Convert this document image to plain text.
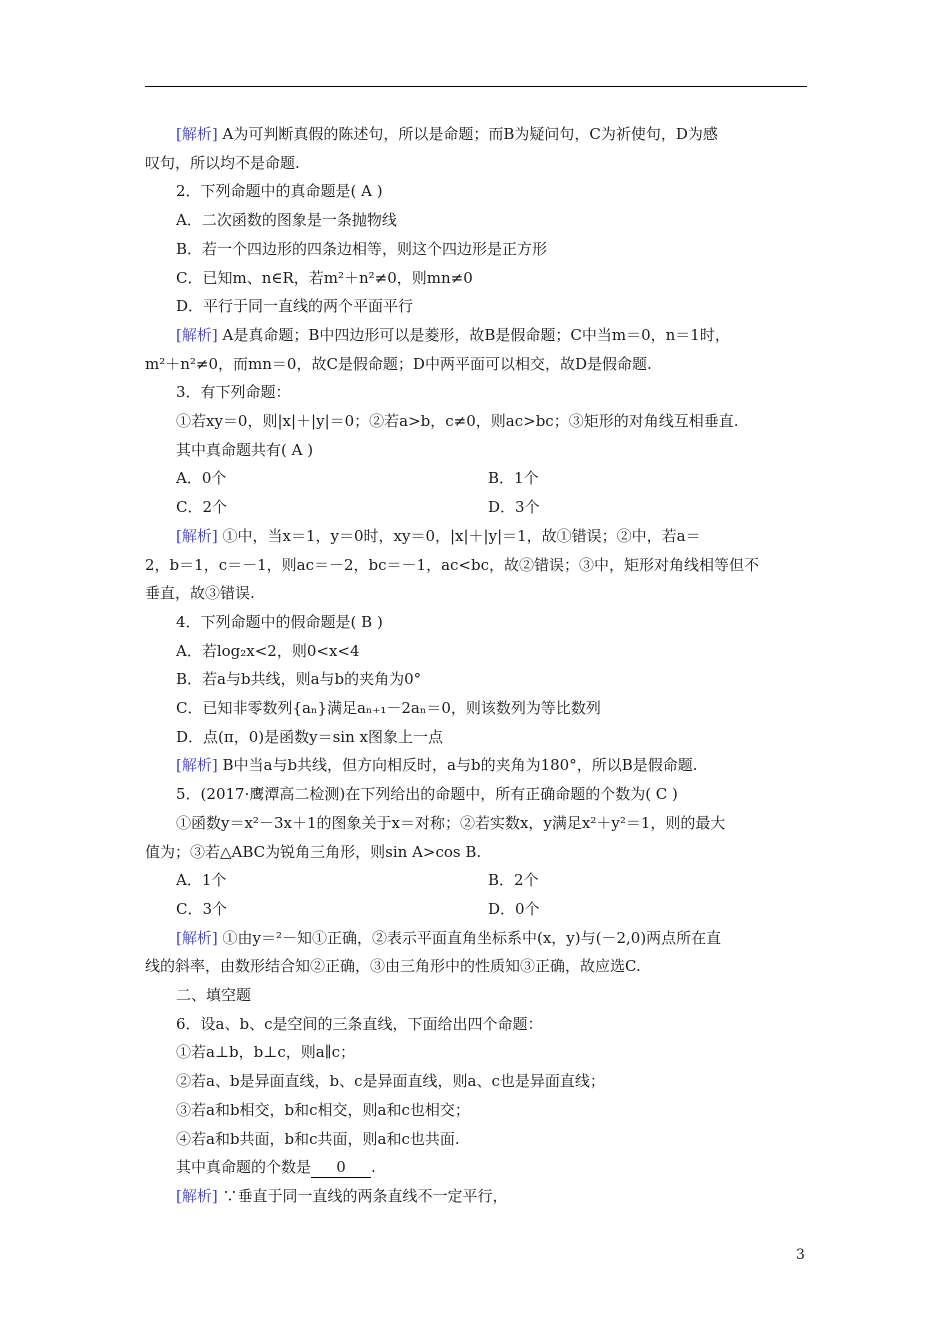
[解析] A为可判断真假的陈述句，所以是命题；而B为疑问句，C为祈使句，D为感
叹句，所以均不是命题.
2．下列命题中的真命题是( A )
A．二次函数的图象是一条抛物线
B．若一个四边形的四条边相等，则这个四边形是正方形
C．已知m、n∈R，若m²＋n²≠0，则mn≠0
D．平行于同一直线的两个平面平行
[解析] A是真命题；B中四边形可以是菱形，故B是假命题；C中当m＝0，n＝1时，
m²＋n²≠0，而mn＝0，故C是假命题；D中两平面可以相交，故D是假命题.
3．有下列命题：
①若xy＝0，则|x|＋|y|＝0；②若a>b，c≠0，则ac>bc；③矩形的对角线互相垂直.
其中真命题共有( A )
A．0个	B．1个
C．2个	D．3个
[解析] ①中，当x＝1，y＝0时，xy＝0，|x|＋|y|＝1，故①错误；②中，若a＝
2，b＝1，c＝－1，则ac＝－2，bc＝－1，ac<bc，故②错误；③中，矩形对角线相等但不
垂直，故③错误.
4．下列命题中的假命题是( B )
A．若log₂x<2，则0<x<4
B．若a与b共线，则a与b的夹角为0°
C．已知非零数列{aₙ}满足aₙ₊₁－2aₙ＝0，则该数列为等比数列
D．点(π，0)是函数y＝sin x图象上一点
[解析] B中当a与b共线，但方向相反时，a与b的夹角为180°，所以B是假命题.
5．(2017·鹰潭高二检测)在下列给出的命题中，所有正确命题的个数为( C )
①函数y＝x²－3x＋1的图象关于x＝对称；②若实数x，y满足x²＋y²＝1，则的最大
值为；③若△ABC为锐角三角形，则sin A>cos B.
A．1个	B．2个
C．3个	D．0个
[解析] ①由y＝²－知①正确，②表示平面直角坐标系中(x，y)与(－2,0)两点所在直
线的斜率，由数形结合知②正确，③由三角形中的性质知③正确，故应选C.
二、填空题
6．设a、b、c是空间的三条直线，下面给出四个命题：
①若a⊥b，b⊥c，则a∥c；
②若a、b是异面直线，b、c是异面直线，则a、c也是异面直线；
③若a和b相交，b和c相交，则a和c也相交；
④若a和b共面，b和c共面，则a和c也共面.
其中真命题的个数是 0 .
[解析] ∵垂直于同一直线的两条直线不一定平行，
3
